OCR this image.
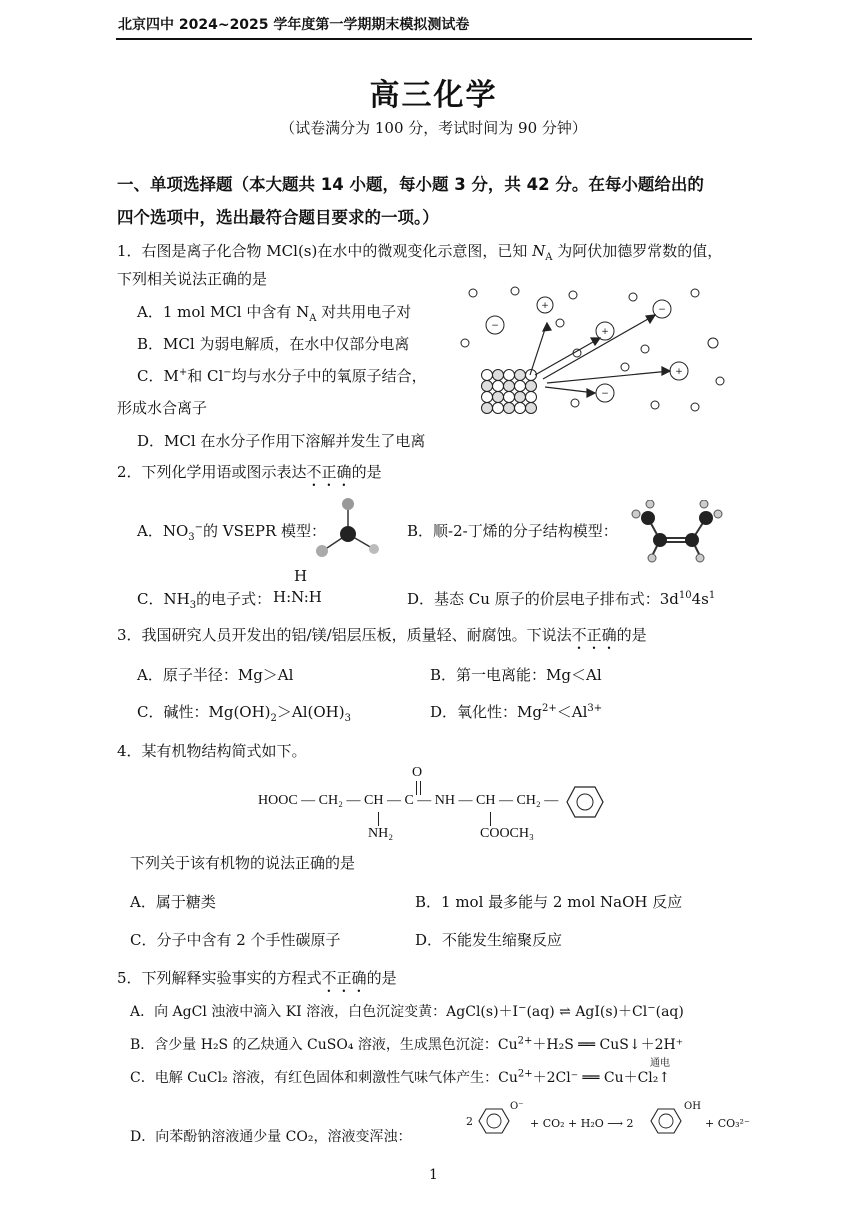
北京四中 2024~2025 学年度第一学期期末模拟测试卷
高三化学
（试卷满分为 100 分，考试时间为 90 分钟）
一、单项选择题（本大题共 14 小题，每小题 3 分，共 42 分。在每小题给出的
四个选项中，选出最符合题目要求的一项。）
1．右图是离子化合物 MCl(s)在水中的微观变化示意图，已知 $N_A$ 为阿伏加德罗常数的值，
下列相关说法正确的是
A．1 mol MCl 中含有 $N_A$ 对共用电子对
B．MCl 为弱电解质，在水中仅部分电离
C．M+和 Cl−均与水分子中的氧原子结合，
形成水合离子
D．MCl 在水分子作用下溶解并发生了电离
−
+
−
+
−
+
2．下列化学用语或图示表达不正确的是
A．$NO_3^-$的 VSEPR 模型：	B．顺-2-丁烯的分子结构模型：
C．$NH_3$的电子式：
H
H:N:H	D．基态 Cu 原子的价层电子排布式：$3d^{10}4s^1$
3．我国研究人员开发出的铝/镁/铝层压板，质量轻、耐腐蚀。下说法不正确的是
A．原子半径：Mg＞Al	B．第一电离能：Mg＜Al
C．碱性：$Mg(OH)_2>Al(OH)_3$	D．氧化性：$Mg^{2+}<Al^{3+}$
4．某有机物结构简式如下。
O
HOOC — CH₂ — CH — C — NH — CH — CH₂ —
NH₂	COOCH₃
下列关于该有机物的说法正确的是
A．属于糖类	B．1 mol 最多能与 2 mol NaOH 反应
C．分子中含有 2 个手性碳原子	D．不能发生缩聚反应
5．下列解释实验事实的方程式不正确的是
A．向 AgCl 浊液中滴入 KI 溶液，白色沉淀变黄：AgCl(s)＋I−(aq) ⇌ AgI(s)＋Cl−(aq)
B．含少量 H₂S 的乙炔通入 CuSO₄ 溶液，生成黑色沉淀：$Cu^{2+}+H_2S$ ══ CuS↓＋2H⁺
通电
C．电解 CuCl₂ 溶液，有红色固体和刺激性气味气体产生：$Cu^{2+}+2Cl^-$ ══ Cu＋Cl₂↑
D．向苯酚钠溶液通少量 CO₂，溶液变浑浊：
2
O⁻
+ CO₂ + H₂O ⟶ 2
OH
+ CO₃²⁻
1
